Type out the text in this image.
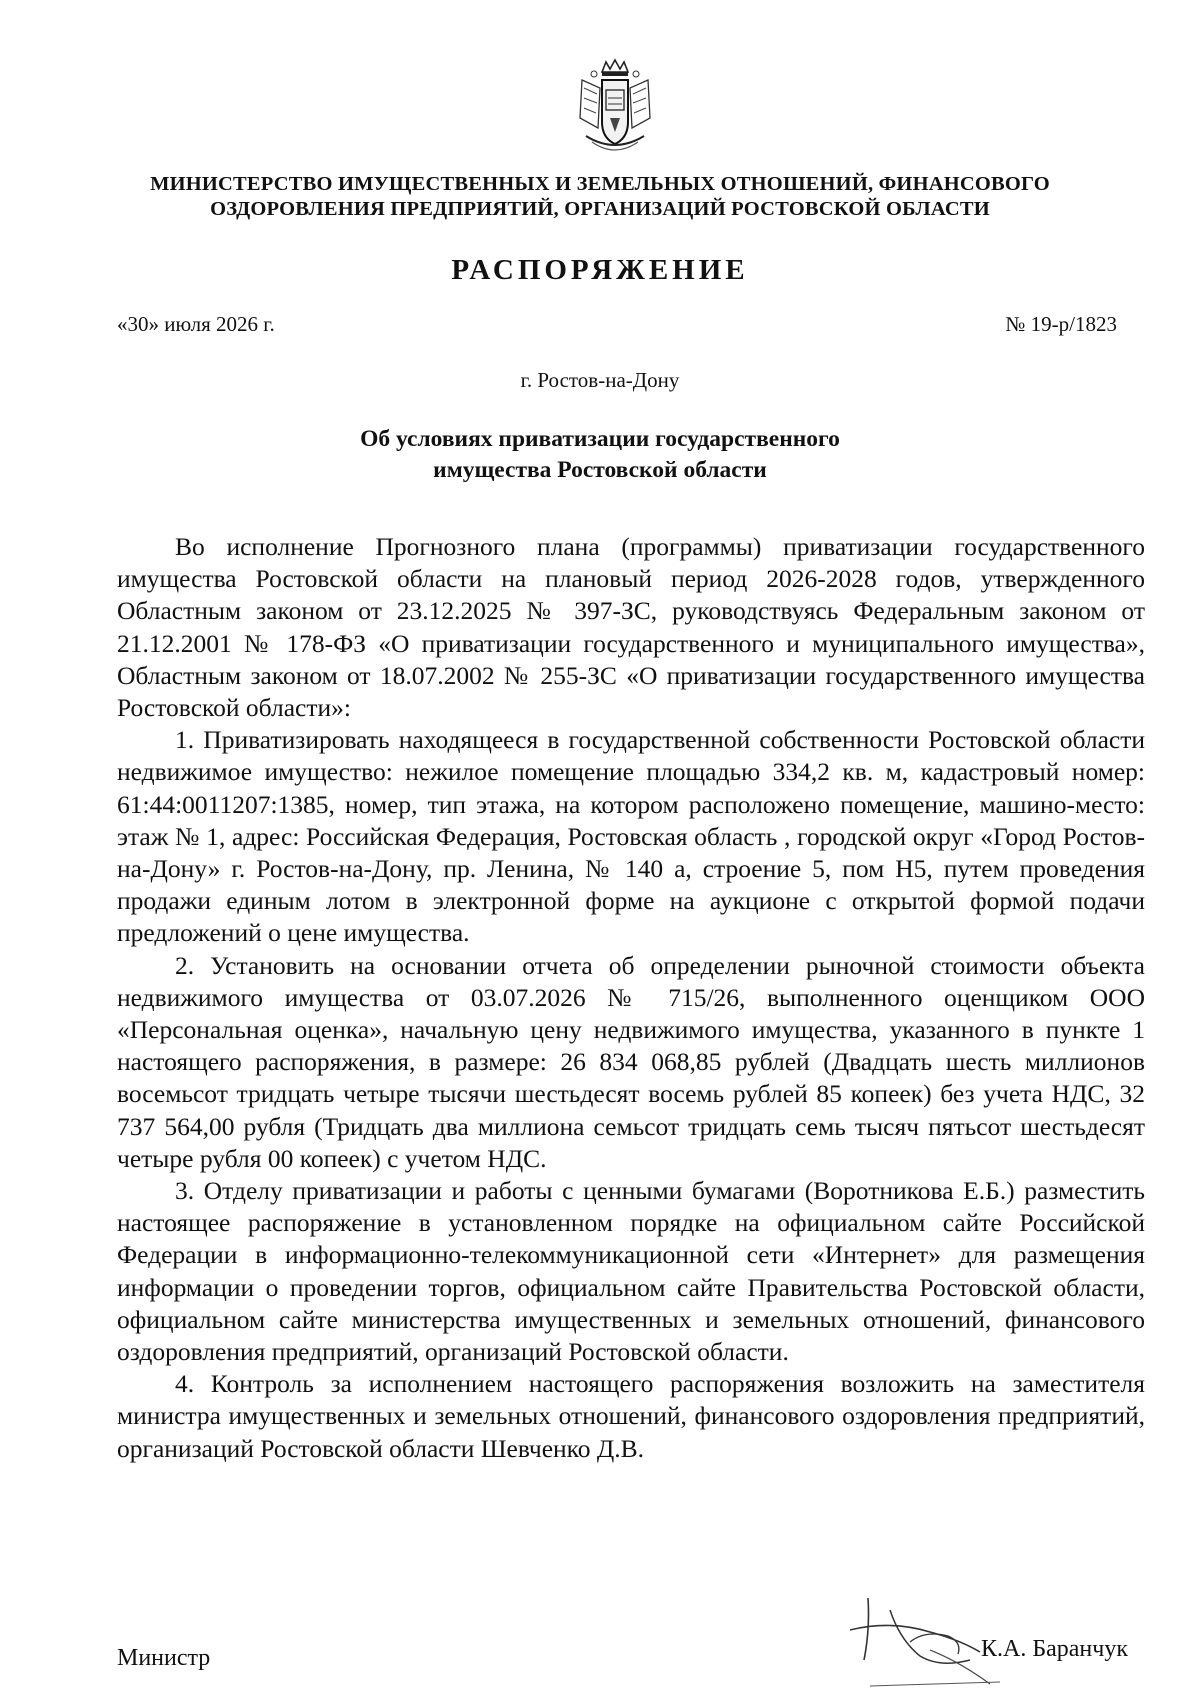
МИНИСТЕРСТВО ИМУЩЕСТВЕННЫХ И ЗЕМЕЛЬНЫХ ОТНОШЕНИЙ, ФИНАНСОВОГО
ОЗДОРОВЛЕНИЯ ПРЕДПРИЯТИЙ, ОРГАНИЗАЦИЙ РОСТОВСКОЙ ОБЛАСТИ
РАСПОРЯЖЕНИЕ
«30» июля 2026 г.	№ 19-р/1823
г. Ростов-на-Дону
Об условиях приватизации государственного
имущества Ростовской области

Во исполнение Прогнозного плана (программы) приватизации государственного имущества Ростовской области на плановый период 2026-2028 годов, утвержденного Областным законом от 23.12.2025 № 397-ЗС, руководствуясь Федеральным законом от 21.12.2001 № 178-ФЗ «О приватизации государственного и муниципального имущества», Областным законом от 18.07.2002 № 255-ЗС «О приватизации государственного имущества Ростовской области»:

1. Приватизировать находящееся в государственной собственности Ростовской области недвижимое имущество: нежилое помещение площадью 334,2 кв. м, кадастровый номер: 61:44:0011207:1385, номер, тип этажа, на котором расположено помещение, машино-место: этаж № 1, адрес: Российская Федерация, Ростовская область , городской округ «Город Ростов-на-Дону» г. Ростов-на-Дону, пр. Ленина, № 140 а, строение 5, пом Н5, путем проведения продажи единым лотом в электронной форме на аукционе с открытой формой подачи предложений о цене имущества.

2. Установить на основании отчета об определении рыночной стоимости объекта недвижимого имущества от 03.07.2026 № 715/26, выполненного оценщиком ООО «Персональная оценка», начальную цену недвижимого имущества, указанного в пункте 1 настоящего распоряжения, в размере: 26 834 068,85 рублей (Двадцать шесть миллионов восемьсот тридцать четыре тысячи шестьдесят восемь рублей 85 копеек) без учета НДС, 32 737 564,00 рубля (Тридцать два миллиона семьсот тридцать семь тысяч пятьсот шестьдесят четыре рубля 00 копеек) с учетом НДС.

3. Отделу приватизации и работы с ценными бумагами (Воротникова Е.Б.) разместить настоящее распоряжение в установленном порядке на официальном сайте Российской Федерации в информационно-телекоммуникационной сети «Интернет» для размещения информации о проведении торгов, официальном сайте Правительства Ростовской области, официальном сайте министерства имущественных и земельных отношений, финансового оздоровления предприятий, организаций Ростовской области.

4. Контроль за исполнением настоящего распоряжения возложить на заместителя министра имущественных и земельных отношений, финансового оздоровления предприятий, организаций Ростовской области Шевченко Д.В.

Министр	К.А. Баранчук
